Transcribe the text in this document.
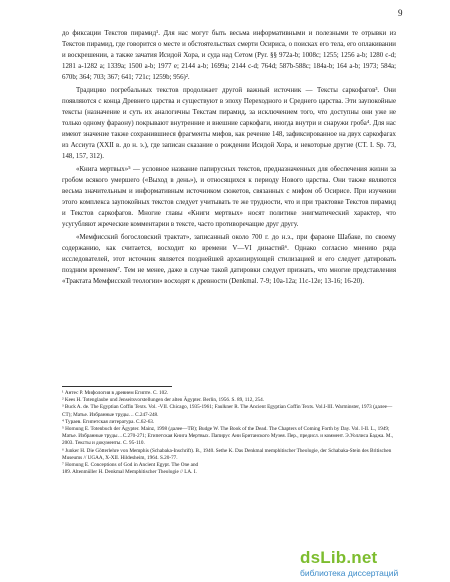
9

до фиксации Текстов пирамид¹. Для нас могут быть весьма информативными и полезными те отрывки из Текстов пирамид, где говорится о месте и обстоятельствах смерти Осириса, о поисках его тела, его оплакивании и воскрешении, а также зачатия Исидой Хора, и суда над Сетом (Pyr. §§ 972a-b; 1008c; 1255; 1256 a-b; 1280 c-d; 1281 a-1282 a; 1339a; 1500 a-b; 1977 e; 2144 a-b; 1699a; 2144 c-d; 764d; 587b-588c; 184a-b; 164 a-b; 1973; 584a; 670b; 364; 703; 367; 641; 721c; 1259b; 956)².

Традицию погребальных текстов продолжает другой важный источник — Тексты саркофагов³. Они появляются с конца Древнего царства и существуют в эпоху Переходного и Среднего царства. Эти заупокойные тексты (назначение и суть их аналогичны Текстам пирамид, за исключением того, что доступны они уже не только одному фараону) покрывают внутренние и внешние саркофаги, иногда внутри и снаружи гроба⁴. Для нас имеют значение также сохранившиеся фрагменты мифов, как речение 148, зафиксированное на двух саркофагах из Ассиута (XXII в. до н. э.), где записан сказание о рождении Исидой Хора, и некоторые другие (CT. I. Sp. 73, 148, 157, 312).

«Книга мертвых»⁵ — условное название папирусных текстов, предназначенных для обеспечения жизни за гробом всякого умершего («Выход в день»), и относящихся к периоду Нового царства. Они также являются весьма значительным и информативным источником сюжетов, связанных с мифом об Осирисе. При изучении этого комплекса заупокойных текстов следует учитывать те же трудности, что и при трактовке Текстов пирамид и Текстов саркофагов. Многие главы «Книги мертвых» носят политике энигматический характер, что усугубляют жреческие комментарии в тексте, часто противоречащие друг другу.

«Мемфисский богословский трактат», записанный около 700 г. до н.э., при фараоне Шабаке, по своему содержанию, как считается, восходит ко времени V—VI династий⁶. Однако согласно мнению ряда исследователей, этот источник является позднейшей архаизирующей стилизацией и его следует датировать поздним временем⁷. Тем не менее, даже в случае такой датировки следует признать, что многие представления «Трактата Мемфисской теологии» восходят к древности (Denkmal. 7-9; 10a-12a; 11c-12e; 13-16; 16-20).

¹ Антес Р. Мифология в древнем Египте. С. 102.
² Kees H. Totenglaube und Jenseitsvorstellungen der alten Ägypter. Berlin, 1956. S. 89, 112, 254.
³ Buck A. de. The Egyptian Coffin Texts. Vol. -VII. Chicago, 1935-1961; Faulkner R. The Ancient Egyptian Coffin Texts. Vol.I-III. Warminster, 1973 (далее—CT); Матье. Избранные труды… С.247-248.
⁴ Тураев. Египетская литература. С.62-63.
⁵ Hornung E. Totenbuch der Ägypter. Mainz, 1998 (далее—TB); Budge W. The Book of the Dead. The Chapters of Coming Forth by Day. Vol. I-II. L., 1949; Матье. Избранные труды…С.270-271; Египетская Книга Мертвых. Папирус Ани Британского Музея. Пер., предисл. и коммент. Э.Уоллиса Баджа. М., 2003. Тексты и документы. С. 95-110.
⁶ Junker H. Die Götterlehre von Memphis (Schabaka-Inschrift). B., 1940. Sethe K. Das Denkmal memphitischer Theologie, der Schabaka-Stein des Britischen Museums // UGAA, X-XII. Hildesheim, 1964. S.20-77.
⁷ Hornung E. Conceptions of God in Ancient Egypt. The One and
189. Altenmüller H. Denkmal Memphitischer Theologie // LA. I.
dsLib.net
библиотека диссертаций
